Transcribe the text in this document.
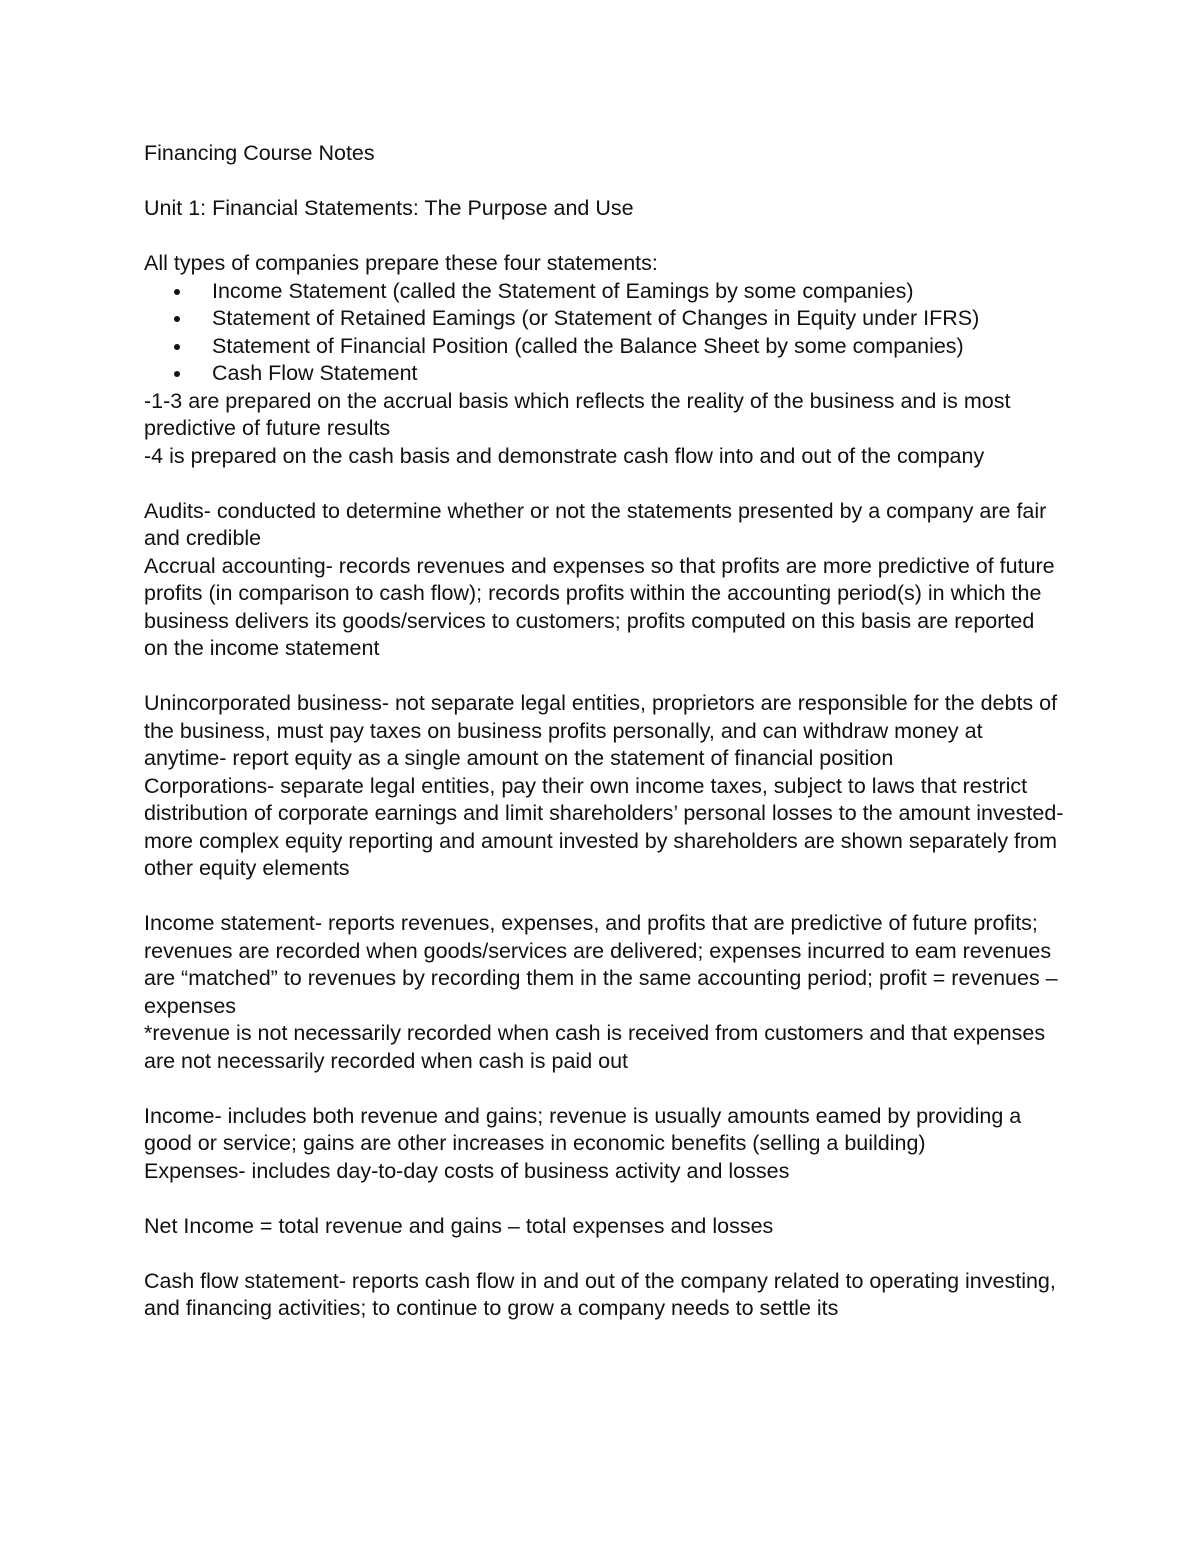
Financing Course Notes

Unit 1: Financial Statements: The Purpose and Use

All types of companies prepare these four statements:

Income Statement (called the Statement of Eamings by some companies)
Statement of Retained Eamings (or Statement of Changes in Equity under IFRS)
Statement of Financial Position (called the Balance Sheet by some companies)
Cash Flow Statement

-1-3 are prepared on the accrual basis which reflects the reality of the business and is most predictive of future results

-4 is prepared on the cash basis and demonstrate cash flow into and out of the company

Audits- conducted to determine whether or not the statements presented by a company are fair and credible

Accrual accounting- records revenues and expenses so that profits are more predictive of future profits (in comparison to cash flow); records profits within the accounting period(s) in which the business delivers its goods/services to customers; profits computed on this basis are reported on the income statement

Unincorporated business- not separate legal entities, proprietors are responsible for the debts of the business, must pay taxes on business profits personally, and can withdraw money at anytime- report equity as a single amount on the statement of financial position

Corporations- separate legal entities, pay their own income taxes, subject to laws that restrict distribution of corporate earnings and limit shareholders’ personal losses to the amount invested- more complex equity reporting and amount invested by shareholders are shown separately from other equity elements

Income statement- reports revenues, expenses, and profits that are predictive of future profits; revenues are recorded when goods/services are delivered; expenses incurred to eam revenues are “matched” to revenues by recording them in the same accounting period; profit = revenues – expenses

*revenue is not necessarily recorded when cash is received from customers and that expenses are not necessarily recorded when cash is paid out

Income- includes both revenue and gains; revenue is usually amounts eamed by providing a good or service; gains are other increases in economic benefits (selling a building)

Expenses- includes day-to-day costs of business activity and losses

Net Income = total revenue and gains – total expenses and losses

Cash flow statement- reports cash flow in and out of the company related to operating investing, and financing activities; to continue to grow a company needs to settle its
